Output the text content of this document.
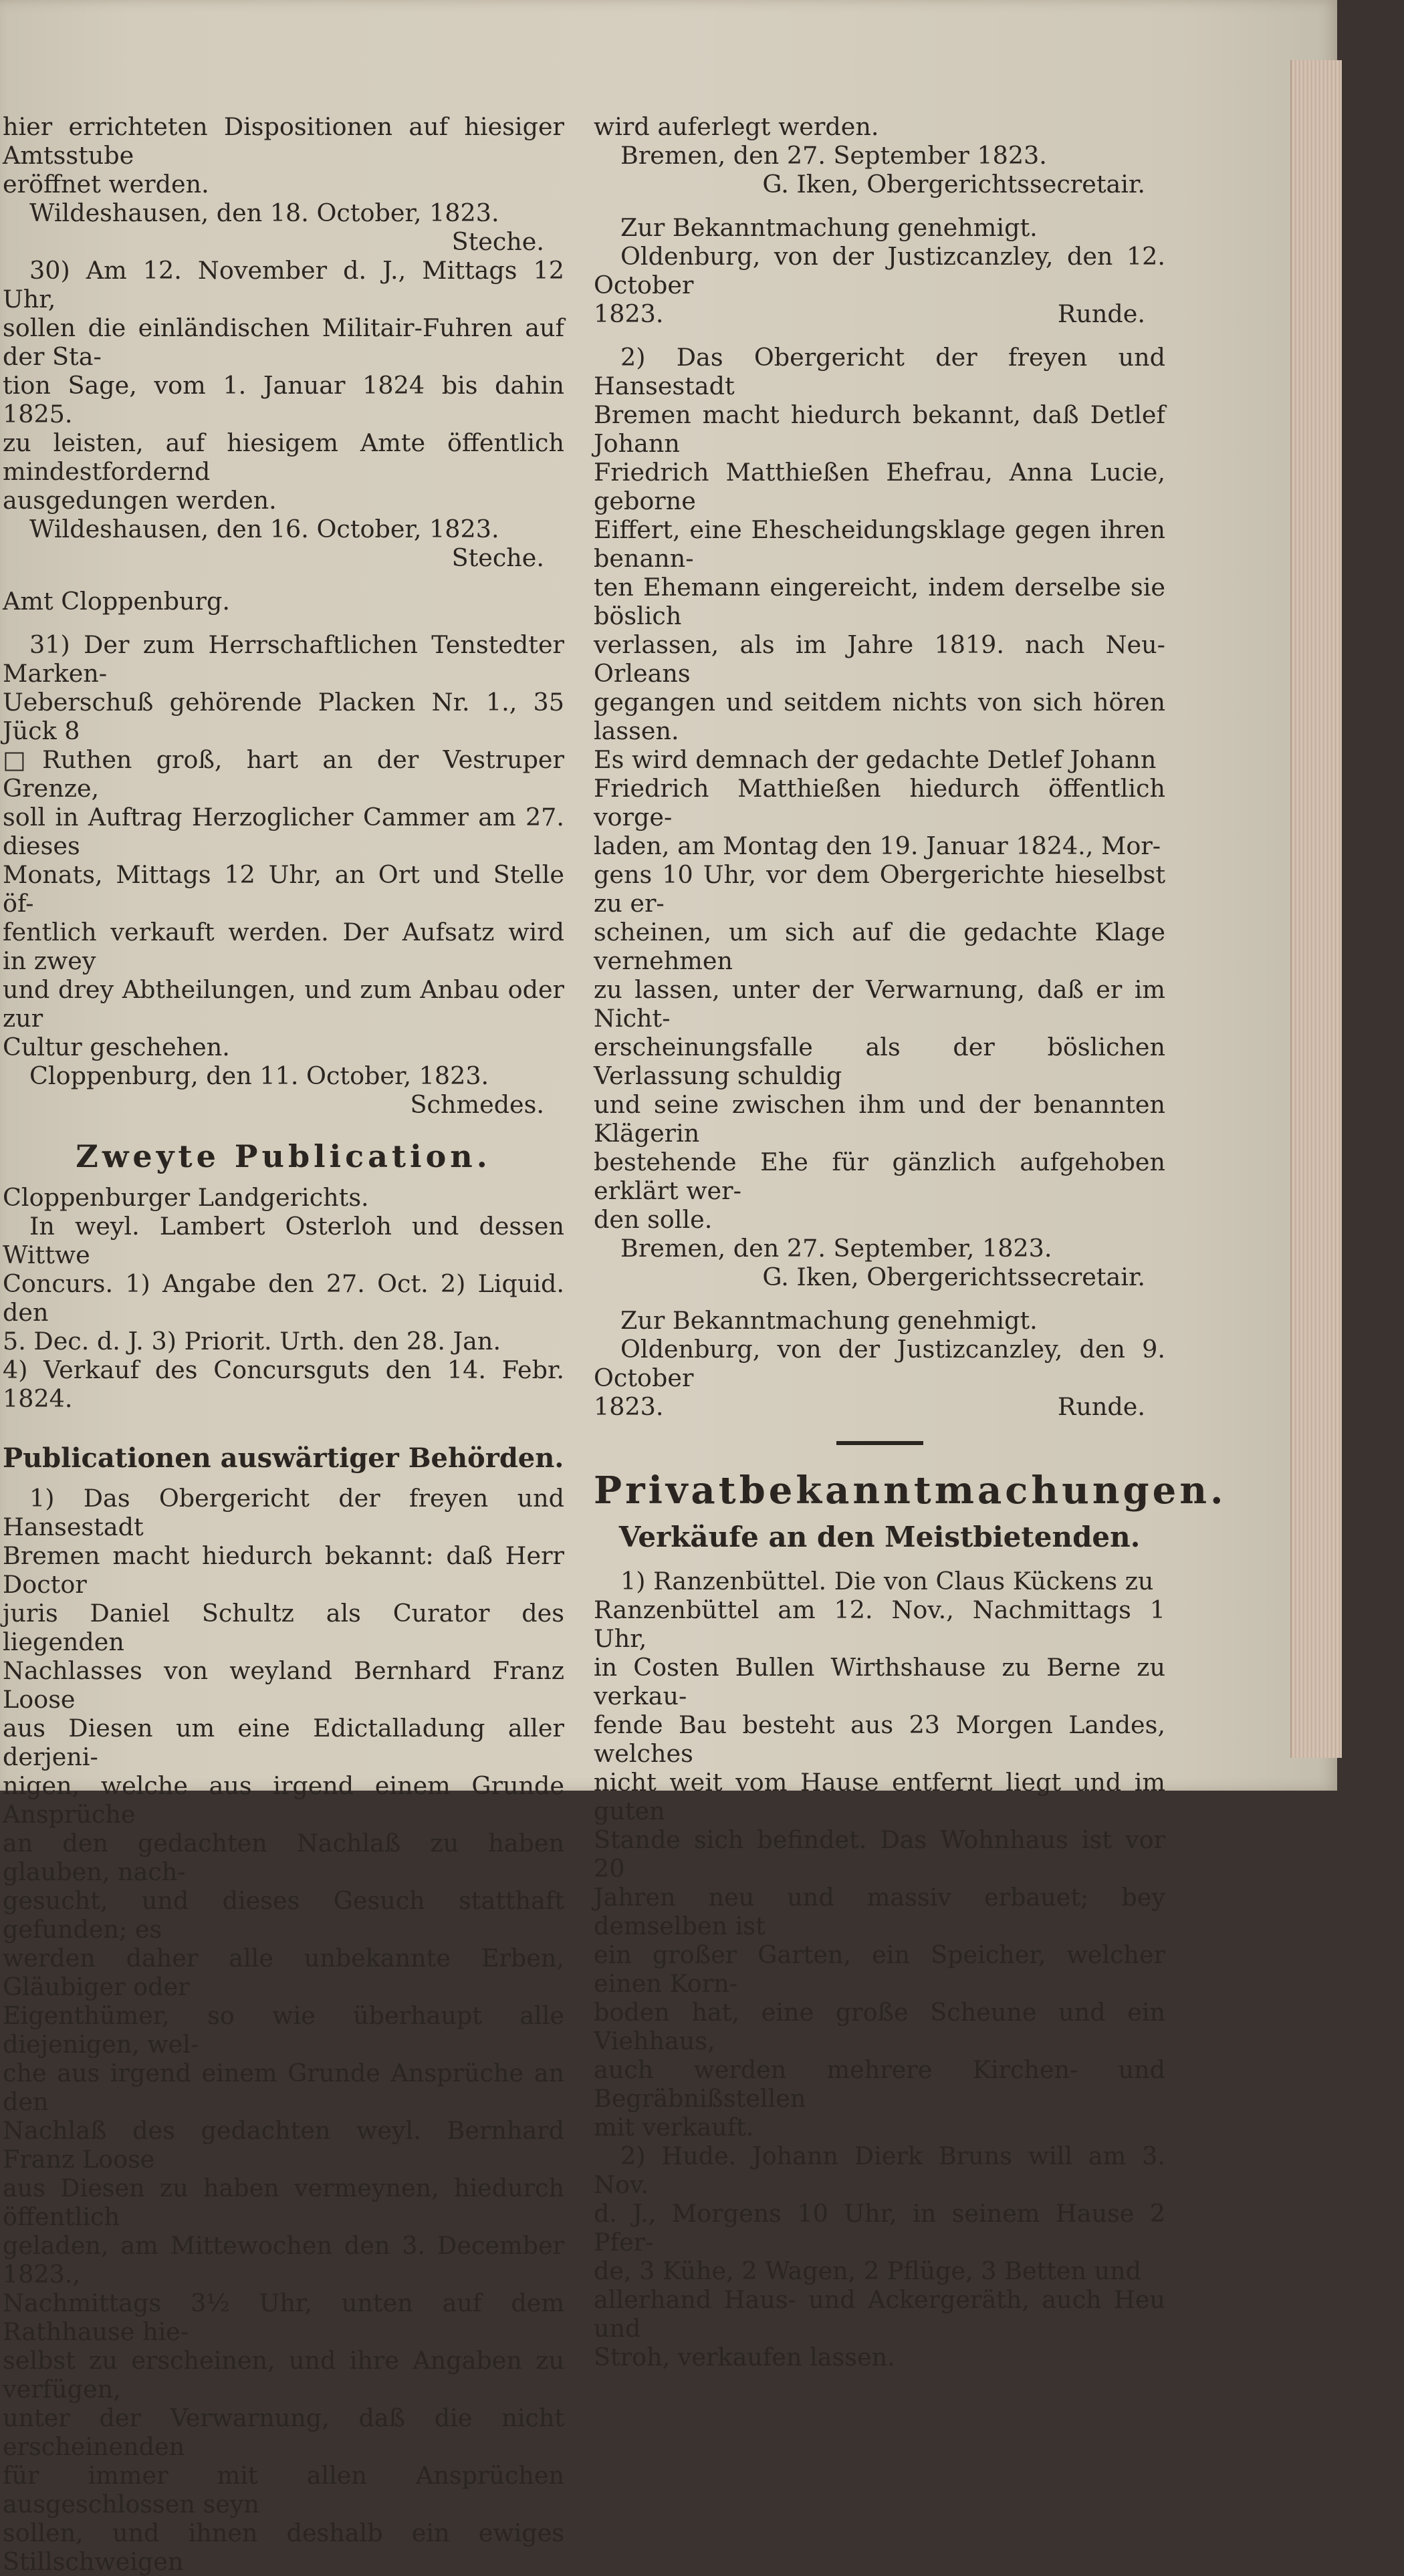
hier errichteten Dispositionen auf hiesiger Amtsstube

eröffnet werden.

Wildeshausen, den 18. October, 1823.

Steche.

30) Am 12. November d. J., Mittags 12 Uhr,

sollen die einländischen Militair-Fuhren auf der Sta-

tion Sage, vom 1. Januar 1824 bis dahin 1825.

zu leisten, auf hiesigem Amte öffentlich mindestfordernd

ausgedungen werden.

Wildeshausen, den 16. October, 1823.

Steche.

Amt Cloppenburg.

31) Der zum Herrschaftlichen Tenstedter Marken-

Ueberschuß gehörende Placken Nr. 1., 35 Jück 8

□Ruthen groß, hart an der Vestruper Grenze,

soll in Auftrag Herzoglicher Cammer am 27. dieses

Monats, Mittags 12 Uhr, an Ort und Stelle öf-

fentlich verkauft werden. Der Aufsatz wird in zwey

und drey Abtheilungen, und zum Anbau oder zur

Cultur geschehen.

Cloppenburg, den 11. October, 1823.

Schmedes.

Zweyte Publication.

Cloppenburger Landgerichts.

In weyl. Lambert Osterloh und dessen Wittwe

Concurs. 1) Angabe den 27. Oct. 2) Liquid. den

5. Dec. d. J. 3) Priorit. Urth. den 28. Jan.

4) Verkauf des Concursguts den 14. Febr. 1824.

Publicationen auswärtiger Behörden.

1) Das Obergericht der freyen und Hansestadt

Bremen macht hiedurch bekannt: daß Herr Doctor

juris Daniel Schultz als Curator des liegenden

Nachlasses von weyland Bernhard Franz Loose

aus Diesen um eine Edictalladung aller derjeni-

nigen, welche aus irgend einem Grunde Ansprüche

an den gedachten Nachlaß zu haben glauben, nach-

gesucht, und dieses Gesuch statthaft gefunden; es

werden daher alle unbekannte Erben, Gläubiger oder

Eigenthümer, so wie überhaupt alle diejenigen, wel-

che aus irgend einem Grunde Ansprüche an den

Nachlaß des gedachten weyl. Bernhard Franz Loose

aus Diesen zu haben vermeynen, hiedurch öffentlich

geladen, am Mittewochen den 3. December 1823.,

Nachmittags 3½ Uhr, unten auf dem Rathhause hie-

selbst zu erscheinen, und ihre Angaben zu verfügen,

unter der Verwarnung, daß die nicht erscheinenden

für immer mit allen Ansprüchen ausgeschlossen seyn

sollen, und ihnen deshalb ein ewiges Stillschweigen

wird auferlegt werden.

Bremen, den 27. September 1823.

G. Iken, Obergerichtssecretair.

Zur Bekanntmachung genehmigt.

Oldenburg, von der Justizcanzley, den 12. October

1823.	Runde.

2) Das Obergericht der freyen und Hansestadt

Bremen macht hiedurch bekannt, daß Detlef Johann

Friedrich Matthießen Ehefrau, Anna Lucie, geborne

Eiffert, eine Ehescheidungsklage gegen ihren benann-

ten Ehemann eingereicht, indem derselbe sie böslich

verlassen, als im Jahre 1819. nach Neu-Orleans

gegangen und seitdem nichts von sich hören lassen.

Es wird demnach der gedachte Detlef Johann

Friedrich Matthießen hiedurch öffentlich vorge-

laden, am Montag den 19. Januar 1824., Mor-

gens 10 Uhr, vor dem Obergerichte hieselbst zu er-

scheinen, um sich auf die gedachte Klage vernehmen

zu lassen, unter der Verwarnung, daß er im Nicht-

erscheinungsfalle als der böslichen Verlassung schuldig

und seine zwischen ihm und der benannten Klägerin

bestehende Ehe für gänzlich aufgehoben erklärt wer-

den solle.

Bremen, den 27. September, 1823.

G. Iken, Obergerichtssecretair.

Zur Bekanntmachung genehmigt.

Oldenburg, von der Justizcanzley, den 9. October

1823.	Runde.
Privatbekanntmachungen.
Verkäufe an den Meistbietenden.

1) Ranzenbüttel. Die von Claus Kückens zu

Ranzenbüttel am 12. Nov., Nachmittags 1 Uhr,

in Costen Bullen Wirthshause zu Berne zu verkau-

fende Bau besteht aus 23 Morgen Landes, welches

nicht weit vom Hause entfernt liegt und im guten

Stande sich befindet. Das Wohnhaus ist vor 20

Jahren neu und massiv erbauet; bey demselben ist

ein großer Garten, ein Speicher, welcher einen Korn-

boden hat, eine große Scheune und ein Viehhaus,

auch werden mehrere Kirchen- und Begräbnißstellen

mit verkauft.

2) Hude. Johann Dierk Bruns will am 3. Nov.

d. J., Morgens 10 Uhr, in seinem Hause 2 Pfer-

de, 3 Kühe, 2 Wagen, 2 Pflüge, 3 Betten und

allerhand Haus- und Ackergeräth, auch Heu und

Stroh, verkaufen lassen.
